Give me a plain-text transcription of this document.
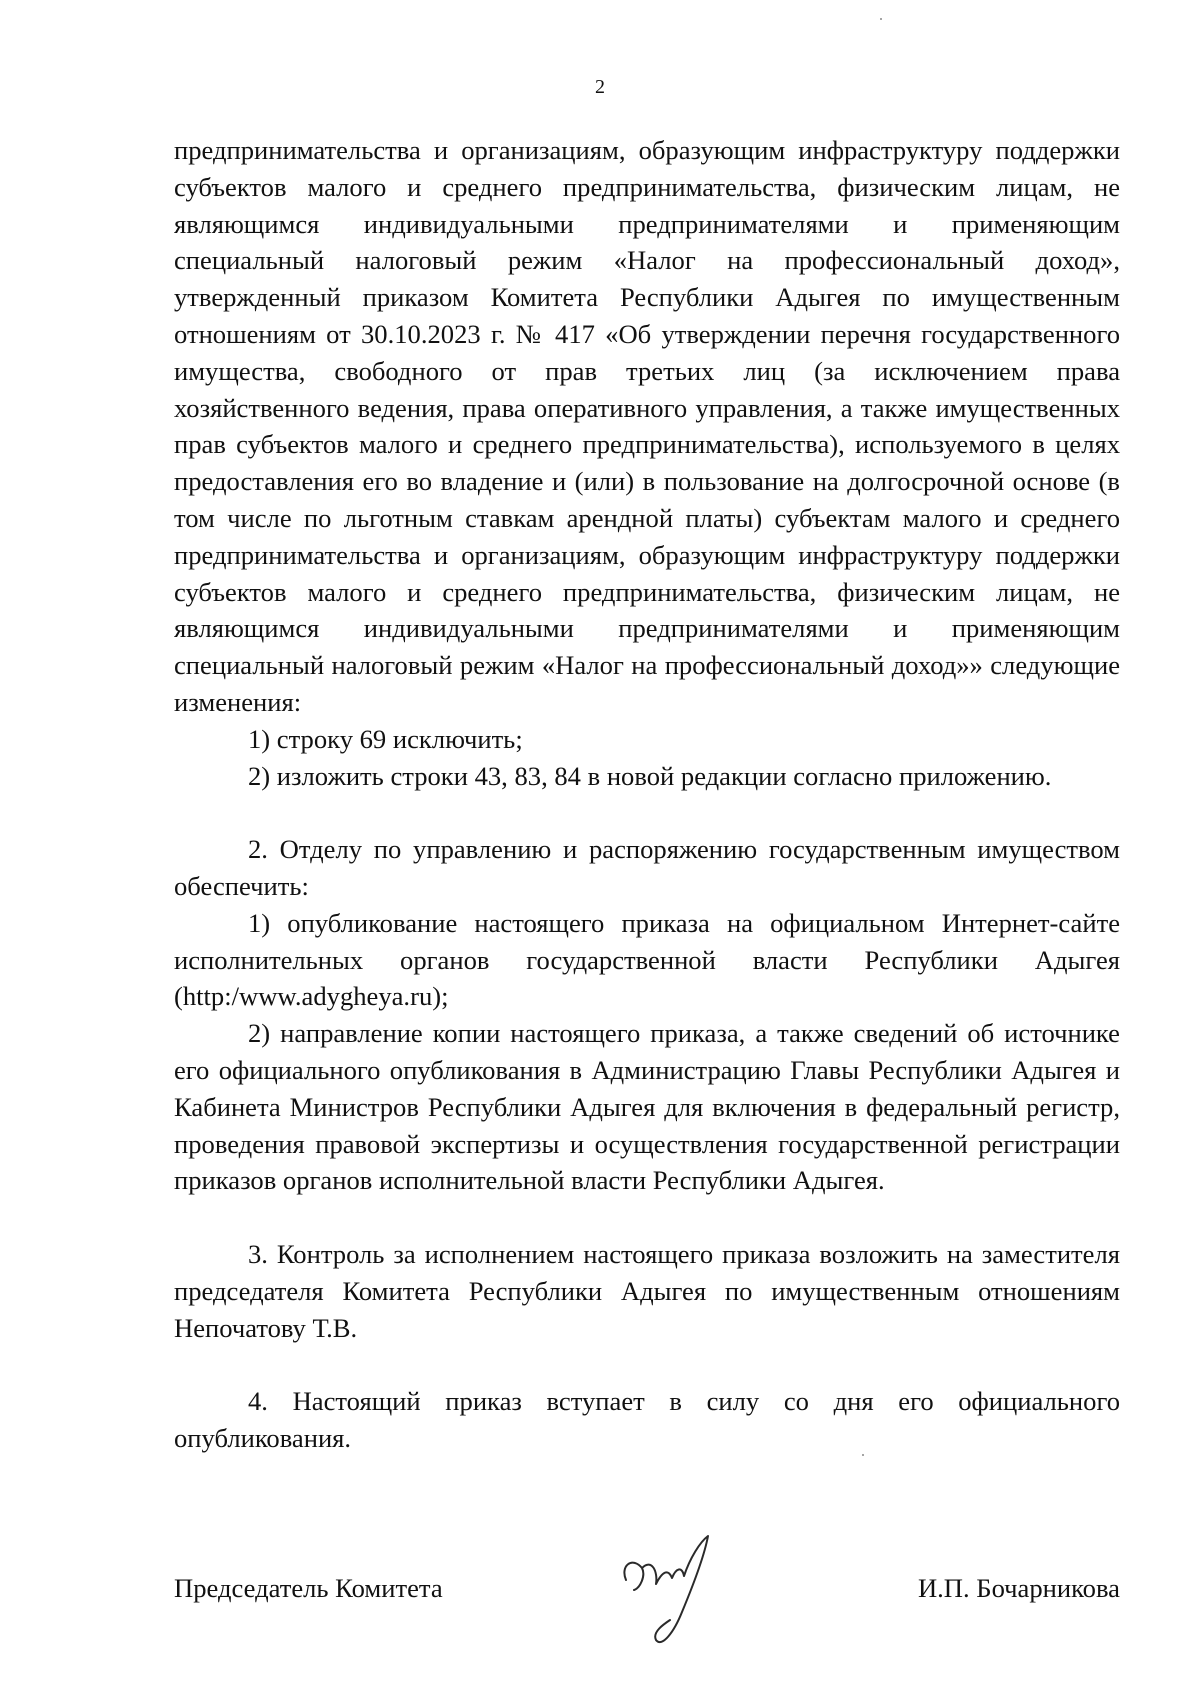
2

предпринимательства и организациям, образующим инфраструктуру поддержки субъектов малого и среднего предпринимательства, физическим лицам, не являющимся индивидуальными предпринимателями и применяющим специальный налоговый режим «Налог на профессиональный доход», утвержденный приказом Комитета Республики Адыгея по имущественным отношениям от 30.10.2023 г. № 417 «Об утверждении перечня государственного имущества, свободного от прав третьих лиц (за исключением права хозяйственного ведения, права оперативного управления, а также имущественных прав субъектов малого и среднего предпринимательства), используемого в целях предоставления его во владение и (или) в пользование на долгосрочной основе (в том числе по льготным ставкам арендной платы) субъектам малого и среднего предпринимательства и организациям, образующим инфраструктуру поддержки субъектов малого и среднего предпринимательства, физическим лицам, не являющимся индивидуальными предпринимателями и применяющим специальный налоговый режим «Налог на профессиональный доход»» следующие изменения:

1) строку 69 исключить;

2) изложить строки 43, 83, 84 в новой редакции согласно приложению.

2. Отделу по управлению и распоряжению государственным имуществом обеспечить:

1) опубликование настоящего приказа на официальном Интернет-сайте исполнительных органов государственной власти Республики Адыгея (http:/www.adygheya.ru);

2) направление копии настоящего приказа, а также сведений об источнике его официального опубликования в Администрацию Главы Республики Адыгея и Кабинета Министров Республики Адыгея для включения в федеральный регистр, проведения правовой экспертизы и осуществления государственной регистрации приказов органов исполнительной власти Республики Адыгея.

3. Контроль за исполнением настоящего приказа возложить на заместителя председателя Комитета Республики Адыгея по имущественным отношениям Непочатову Т.В.

4. Настоящий приказ вступает в силу со дня его официального опубликования.

Председатель Комитета	И.П. Бочарникова
